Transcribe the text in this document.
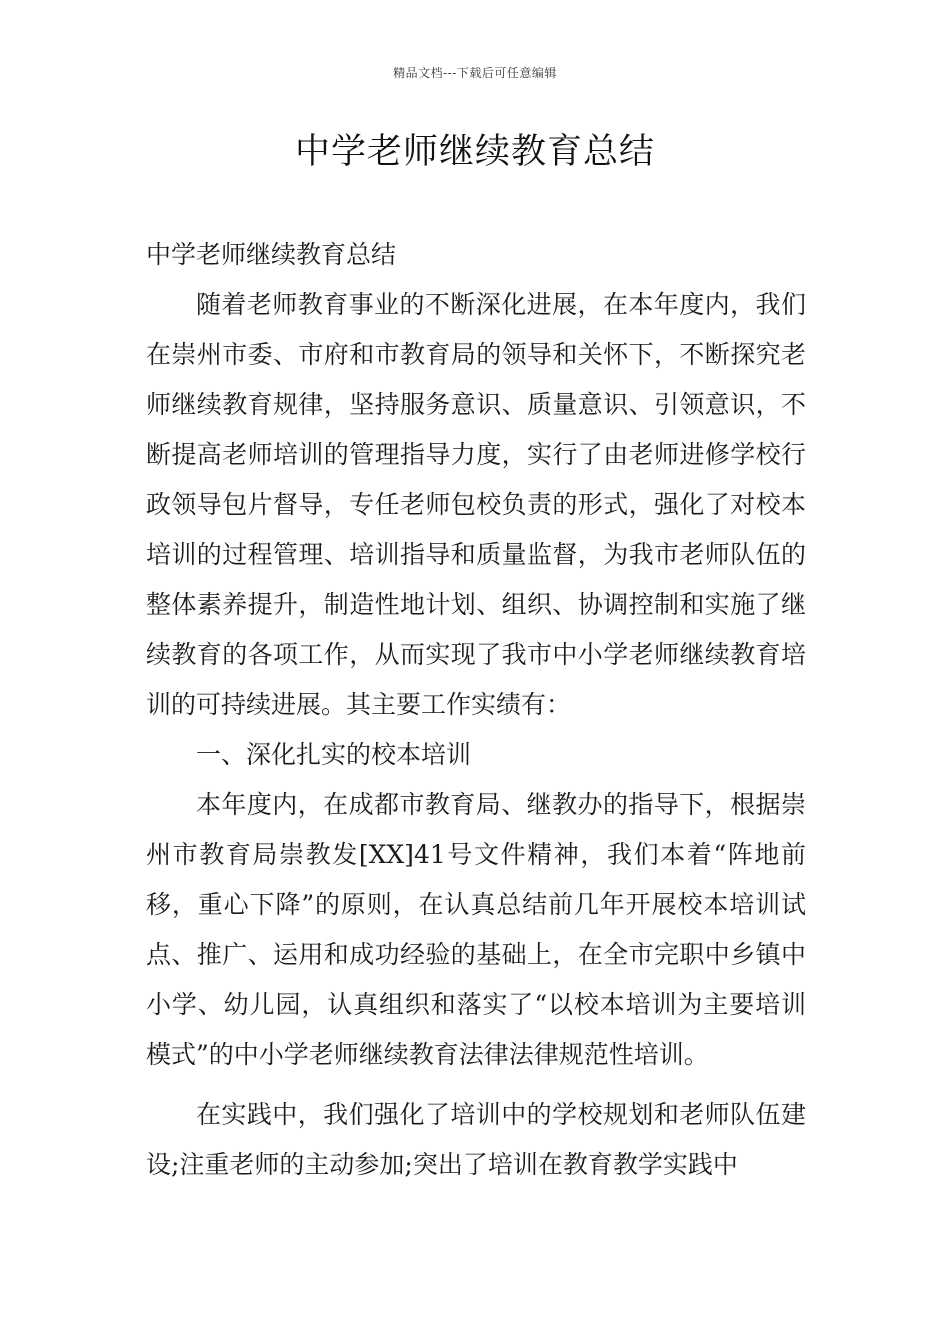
精品文档---下载后可任意编辑
中学老师继续教育总结

中学老师继续教育总结

随着老师教育事业的不断深化进展，在本年度内，我们在崇州市委、市府和市教育局的领导和关怀下，不断探究老师继续教育规律，坚持服务意识、质量意识、引领意识，不断提高老师培训的管理指导力度，实行了由老师进修学校行政领导包片督导，专任老师包校负责的形式，强化了对校本培训的过程管理、培训指导和质量监督，为我市老师队伍的整体素养提升，制造性地计划、组织、协调控制和实施了继续教育的各项工作，从而实现了我市中小学老师继续教育培训的可持续进展。其主要工作实绩有：

一、深化扎实的校本培训

本年度内，在成都市教育局、继教办的指导下，根据崇州市教育局崇教发[XX]41号文件精神，我们本着“阵地前移，重心下降”的原则，在认真总结前几年开展校本培训试点、推广、运用和成功经验的基础上，在全市完职中乡镇中小学、幼儿园，认真组织和落实了“以校本培训为主要培训模式”的中小学老师继续教育法律法律规范性培训。

在实践中，我们强化了培训中的学校规划和老师队伍建设;注重老师的主动参加;突出了培训在教育教学实践中
